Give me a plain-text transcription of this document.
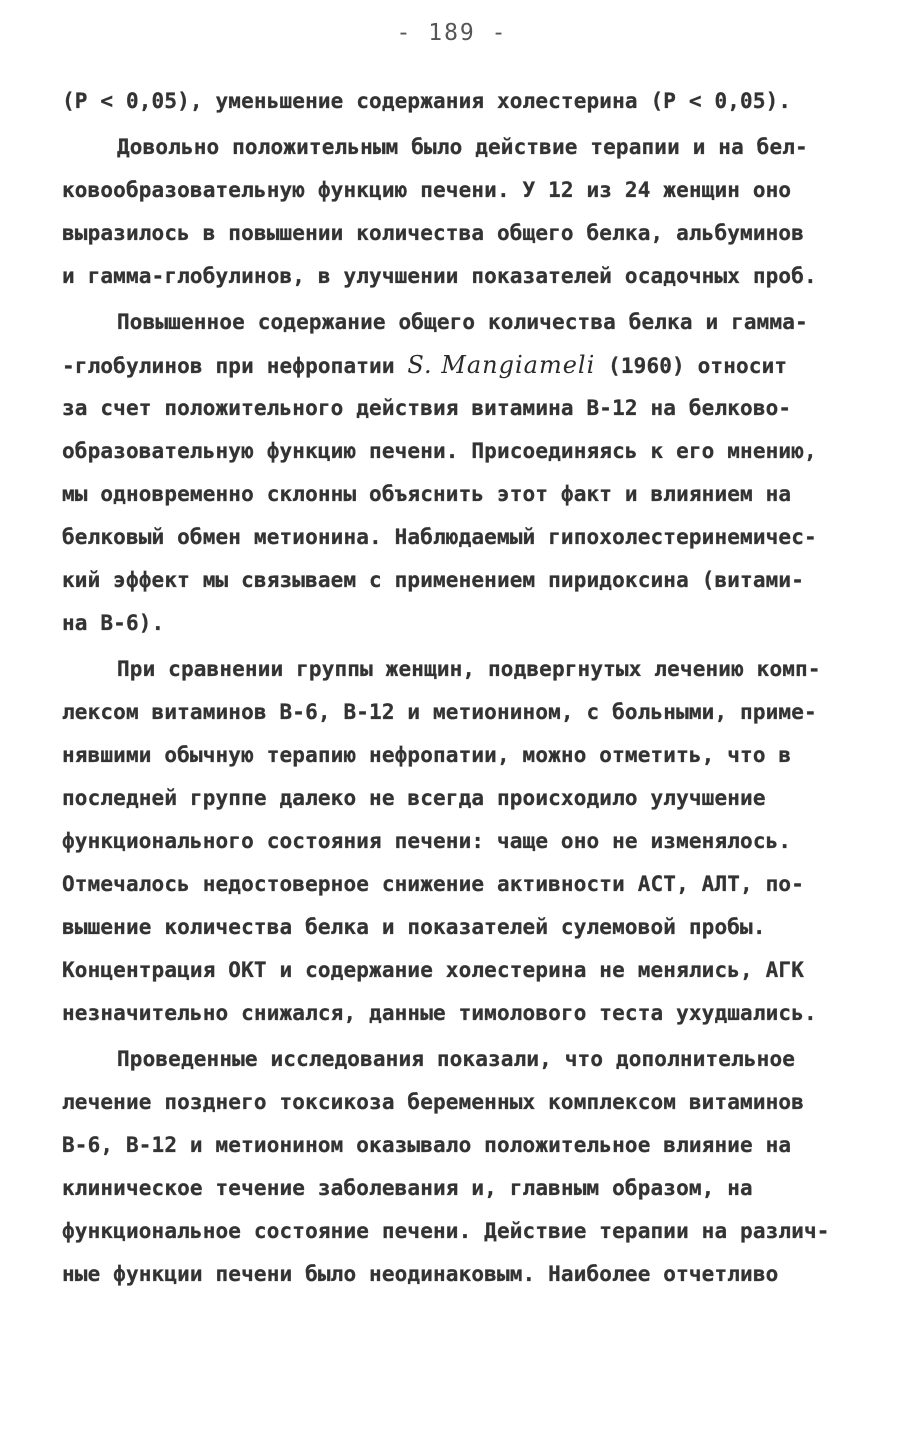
- 189 -
(Р < 0,05), уменьшение содержания холестерина (Р < 0,05).
Довольно положительным было действие терапии и на бел-
ковообразовательную функцию печени. У 12 из 24 женщин оно
выразилось в повышении количества общего белка, альбуминов
и гамма-глобулинов, в улучшении показателей осадочных проб.
Повышенное содержание общего количества белка и гамма-
-глобулинов при нефропатии S. Mangiameli (1960) относит
за счет положительного действия витамина В-12 на белково-
образовательную функцию печени. Присоединяясь к его мнению,
мы одновременно склонны объяснить этот факт и влиянием на
белковый обмен метионина. Наблюдаемый гипохолестеринемичес-
кий эффект мы связываем с применением пиридоксина (витами-
на В-6).
При сравнении группы женщин, подвергнутых лечению комп-
лексом витаминов В-6, В-12 и метионином, с больными, приме-
нявшими обычную терапию нефропатии, можно отметить, что в
последней группе далеко не всегда происходило улучшение
функционального состояния печени: чаще оно не изменялось.
Отмечалось недостоверное снижение активности АСТ, АЛТ, по-
вышение количества белка и показателей сулемовой пробы.
Концентрация ОКТ и содержание холестерина не менялись, АГК
незначительно снижался, данные тимолового теста ухудшались.
Проведенные исследования показали, что дополнительное
лечение позднего токсикоза беременных комплексом витаминов
В-6, В-12 и метионином оказывало положительное влияние на
клиническое течение заболевания и, главным образом, на
функциональное состояние печени. Действие терапии на различ-
ные функции печени было неодинаковым. Наиболее отчетливо
